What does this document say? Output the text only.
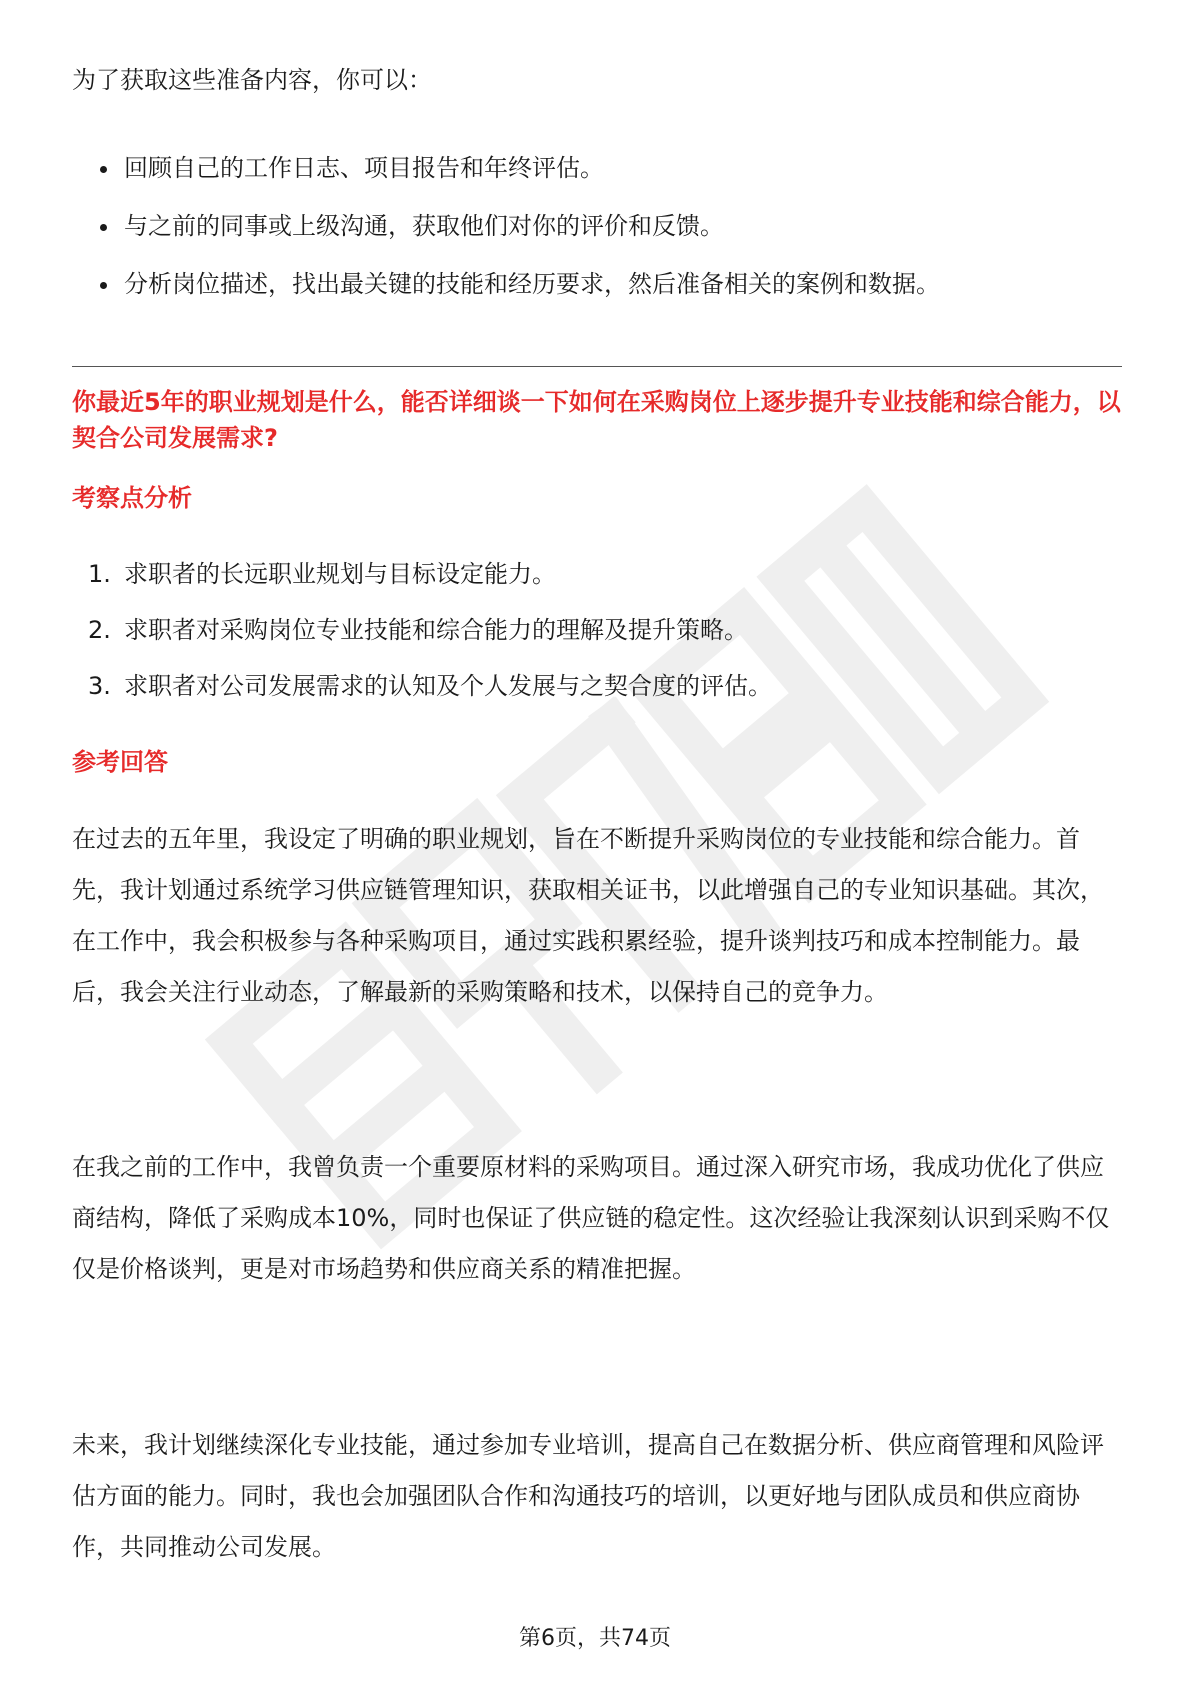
为了获取这些准备内容，你可以：

回顾自己的工作日志、项目报告和年终评估。
与之前的同事或上级沟通，获取他们对你的评价和反馈。
分析岗位描述，找出最关键的技能和经历要求，然后准备相关的案例和数据。

你最近5年的职业规划是什么，能否详细谈一下如何在采购岗位上逐步提升专业技能和综合能力，以契合公司发展需求?

考察点分析

1. 求职者的长远职业规划与目标设定能力。
2. 求职者对采购岗位专业技能和综合能力的理解及提升策略。
3. 求职者对公司发展需求的认知及个人发展与之契合度的评估。

参考回答

在过去的五年里，我设定了明确的职业规划，旨在不断提升采购岗位的专业技能和综合能力。首先，我计划通过系统学习供应链管理知识，获取相关证书，以此增强自己的专业知识基础。其次，在工作中，我会积极参与各种采购项目，通过实践积累经验，提升谈判技巧和成本控制能力。最后，我会关注行业动态，了解最新的采购策略和技术，以保持自己的竞争力。

在我之前的工作中，我曾负责一个重要原材料的采购项目。通过深入研究市场，我成功优化了供应商结构，降低了采购成本10%，同时也保证了供应链的稳定性。这次经验让我深刻认识到采购不仅仅是价格谈判，更是对市场趋势和供应商关系的精准把握。

未来，我计划继续深化专业技能，通过参加专业培训，提高自己在数据分析、供应商管理和风险评估方面的能力。同时，我也会加强团队合作和沟通技巧的培训，以更好地与团队成员和供应商协作，共同推动公司发展。

第6页，共74页
